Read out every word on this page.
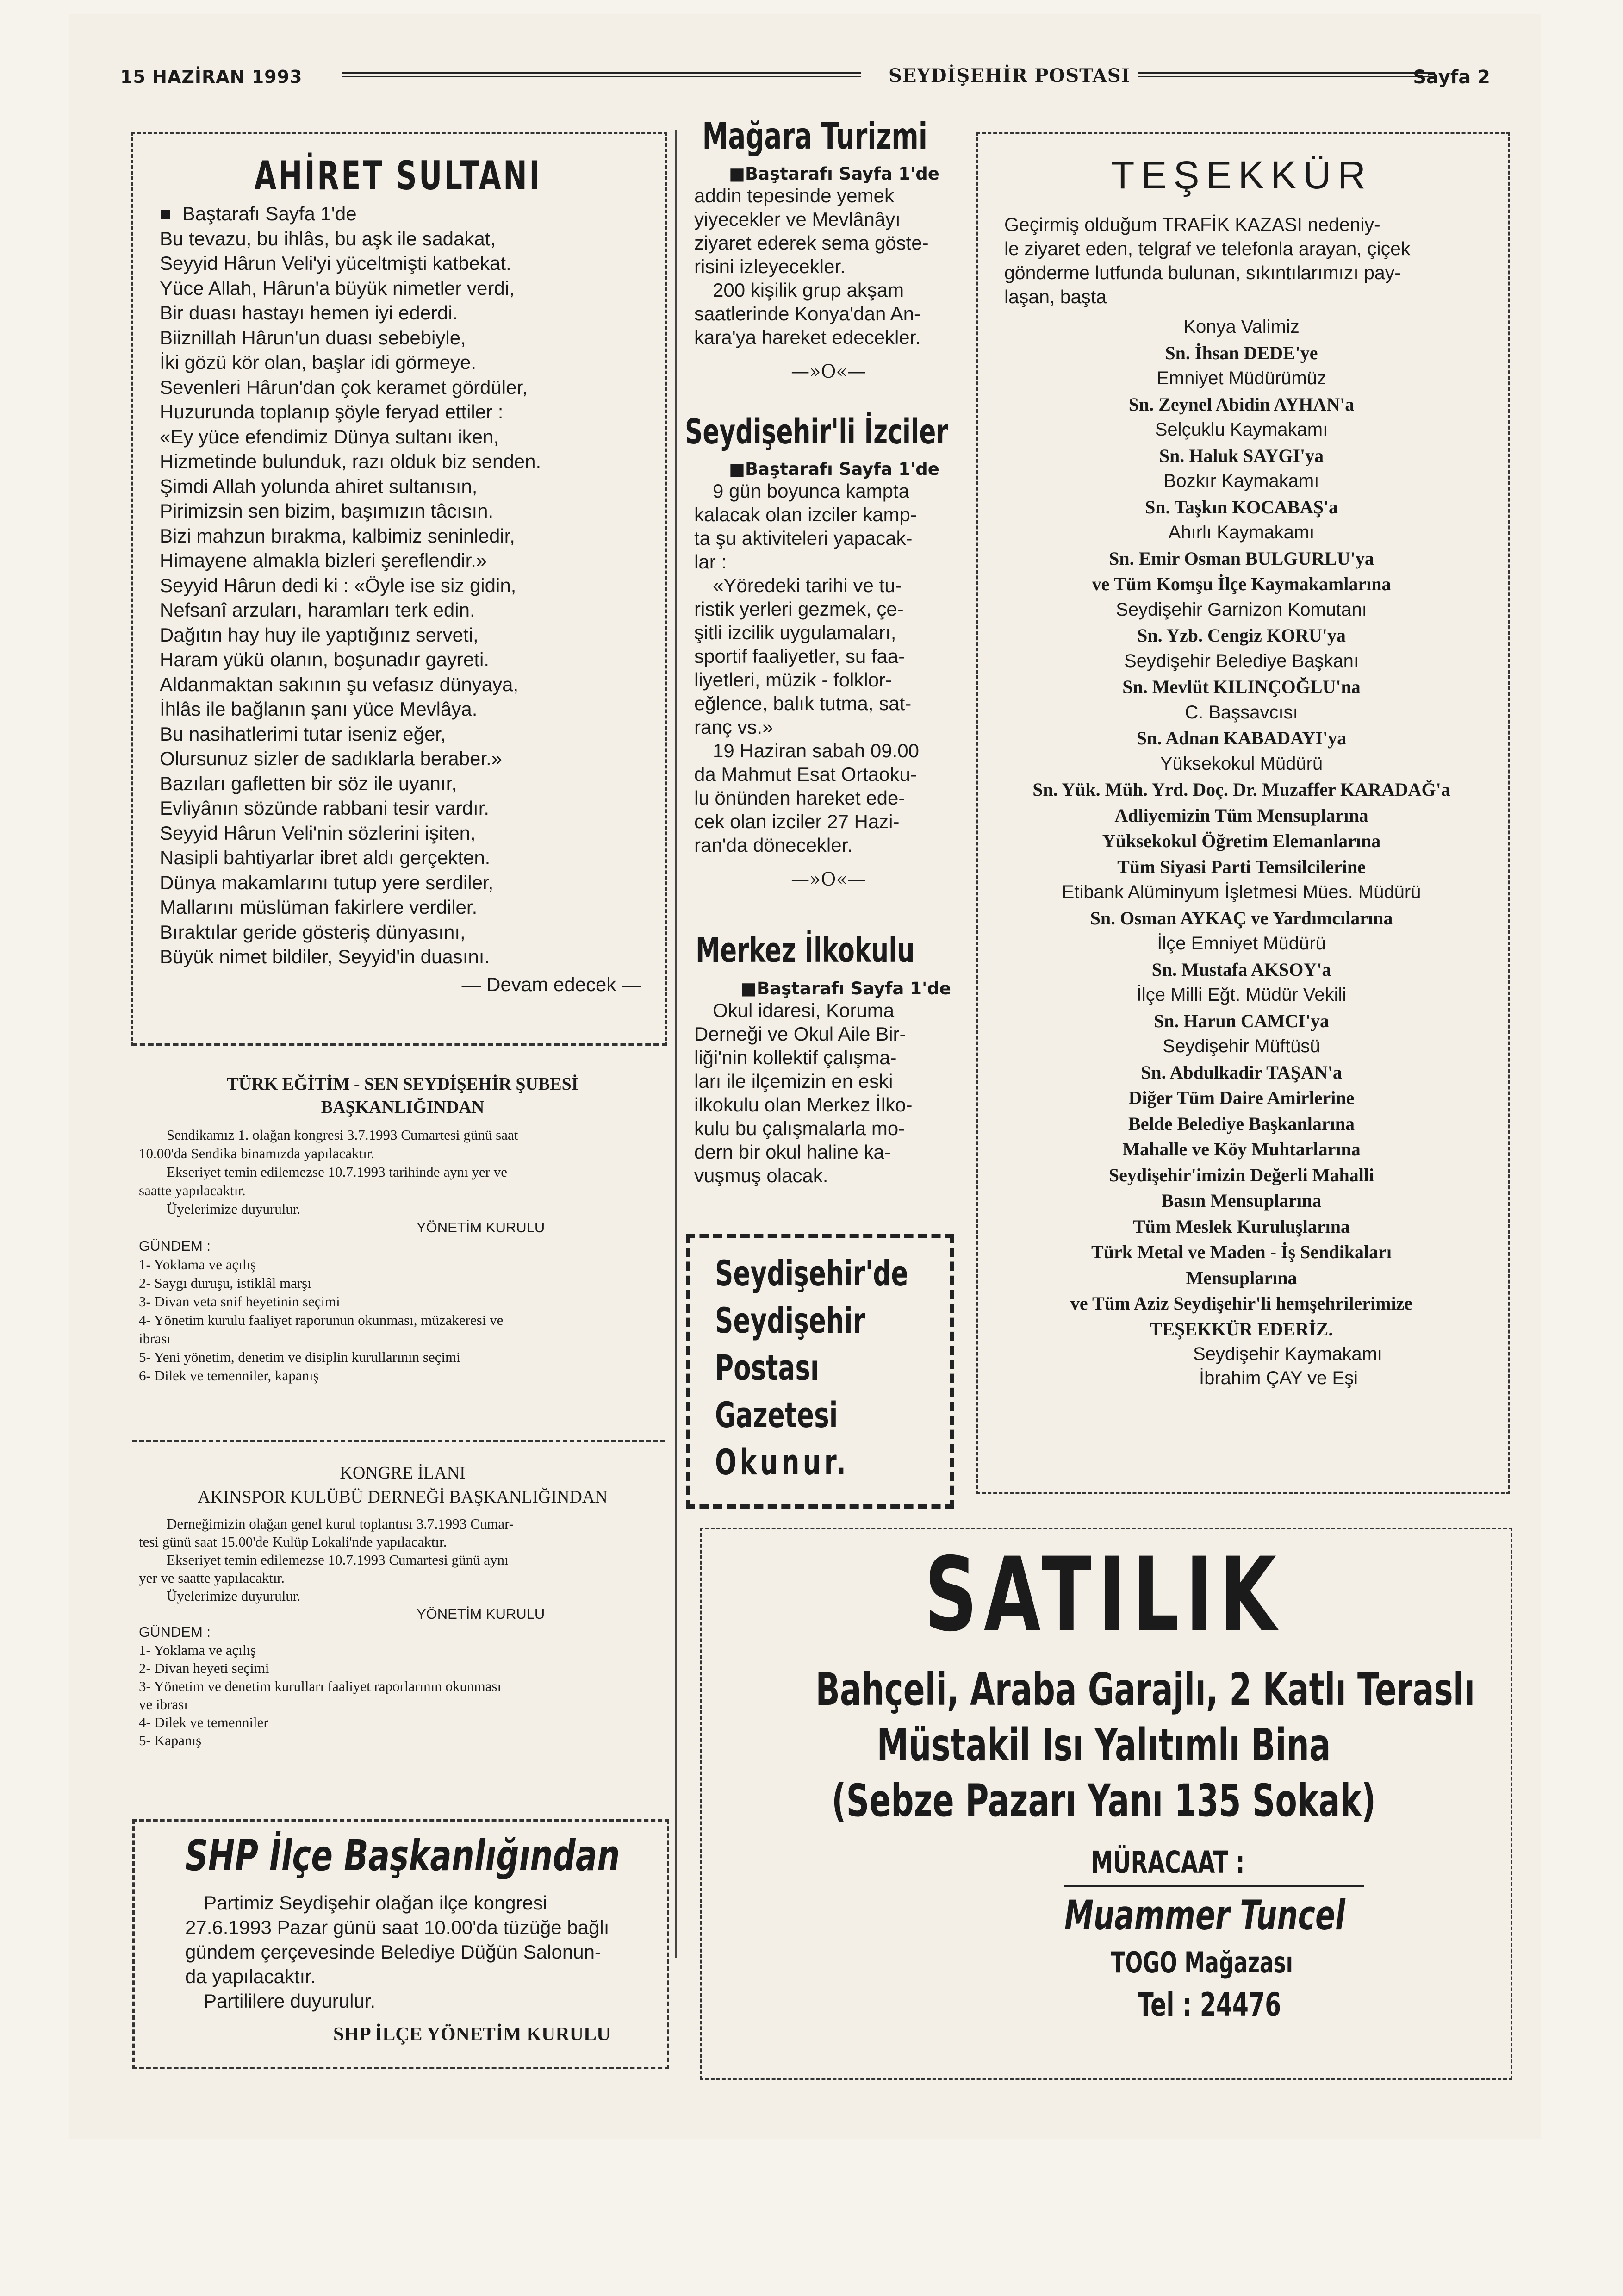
15 HAZİRAN 1993	SEYDİŞEHİR POSTASI	Sayfa 2
AHİRET SULTANI
■  Baştarafı Sayfa 1'de
Bu tevazu, bu ihlâs, bu aşk ile sadakat,
Seyyid Hârun Veli'yi yüceltmişti katbekat.
Yüce Allah, Hârun'a büyük nimetler verdi,
Bir duası hastayı hemen iyi ederdi.
Biiznillah Hârun'un duası sebebiyle,
İki gözü kör olan, başlar idi görmeye.
Sevenleri Hârun'dan çok keramet gördüler,
Huzurunda toplanıp şöyle feryad ettiler :
«Ey yüce efendimiz Dünya sultanı iken,
Hizmetinde bulunduk, razı olduk biz senden.
Şimdi Allah yolunda ahiret sultanısın,
Pirimizsin sen bizim, başımızın tâcısın.
Bizi mahzun bırakma, kalbimiz seninledir,
Himayene almakla bizleri şereflendir.»
Seyyid Hârun dedi ki : «Öyle ise siz gidin,
Nefsanî arzuları, haramları terk edin.
Dağıtın hay huy ile yaptığınız serveti,
Haram yükü olanın, boşunadır gayreti.
Aldanmaktan sakının şu vefasız dünyaya,
İhlâs ile bağlanın şanı yüce Mevlâya.
Bu nasihatlerimi tutar iseniz eğer,
Olursunuz sizler de sadıklarla beraber.»
Bazıları gafletten bir söz ile uyanır,
Evliyânın sözünde rabbani tesir vardır.
Seyyid Hârun Veli'nin sözlerini işiten,
Nasipli bahtiyarlar ibret aldı gerçekten.
Dünya makamlarını tutup yere serdiler,
Mallarını müslüman fakirlere verdiler.
Bıraktılar geride gösteriş dünyasını,
Büyük nimet bildiler, Seyyid'in duasını.
— Devam edecek —
TÜRK EĞİTİM - SEN SEYDİŞEHİR ŞUBESİ
BAŞKANLIĞINDAN
Sendikamız 1. olağan kongresi 3.7.1993 Cumartesi günü saat
10.00'da Sendika binamızda yapılacaktır.
Ekseriyet temin edilemezse 10.7.1993 tarihinde aynı yer ve
saatte yapılacaktır.
Üyelerimize duyurulur.
YÖNETİM KURULU
GÜNDEM :
1- Yoklama ve açılış
2- Saygı duruşu, istiklâl marşı
3- Divan veta snif heyetinin seçimi
4- Yönetim kurulu faaliyet raporunun okunması, müzakeresi ve
ibrası
5- Yeni yönetim, denetim ve disiplin kurullarının seçimi
6- Dilek ve temenniler, kapanış
KONGRE İLANI
AKINSPOR KULÜBÜ DERNEĞİ BAŞKANLIĞINDAN
Derneğimizin olağan genel kurul toplantısı 3.7.1993 Cumar-
tesi günü saat 15.00'de Kulüp Lokali'nde yapılacaktır.
Ekseriyet temin edilemezse 10.7.1993 Cumartesi günü aynı
yer ve saatte yapılacaktır.
Üyelerimize duyurulur.
YÖNETİM KURULU
GÜNDEM :
1- Yoklama ve açılış
2- Divan heyeti seçimi
3- Yönetim ve denetim kurulları faaliyet raporlarının okunması
ve ibrası
4- Dilek ve temenniler
5- Kapanış
SHP İlçe Başkanlığından
Partimiz Seydişehir olağan ilçe kongresi
27.6.1993 Pazar günü saat 10.00'da tüzüğe bağlı
gündem çerçevesinde Belediye Düğün Salonun-
da yapılacaktır.
Partililere duyurulur.
SHP İLÇE YÖNETİM KURULU
Mağara Turizmi
■Baştarafı Sayfa 1'de
addin tepesinde yemek
yiyecekler ve Mevlânâyı
ziyaret ederek sema göste-
risini izleyecekler.
200 kişilik grup akşam
saatlerinde Konya'dan An-
kara'ya hareket edecekler.
—»O«—
Seydişehir'li İzciler
■Baştarafı Sayfa 1'de
9 gün boyunca kampta
kalacak olan izciler kamp-
ta şu aktiviteleri yapacak-
lar :
«Yöredeki tarihi ve tu-
ristik yerleri gezmek, çe-
şitli izcilik uygulamaları,
sportif faaliyetler, su faa-
liyetleri, müzik - folklor-
eğlence, balık tutma, sat-
ranç vs.»
19 Haziran sabah 09.00
da Mahmut Esat Ortaoku-
lu önünden hareket ede-
cek olan izciler 27 Hazi-
ran'da dönecekler.
—»O«—
Merkez İlkokulu
■Baştarafı Sayfa 1'de
Okul idaresi, Koruma
Derneği ve Okul Aile Bir-
liği'nin kollektif çalışma-
ları ile ilçemizin en eski
ilkokulu olan Merkez İlko-
kulu bu çalışmalarla mo-
dern bir okul haline ka-
vuşmuş olacak.
Seydişehir'de
Seydişehir
Postası
Gazetesi
Okunur.
TEŞEKKÜR
Geçirmiş olduğum TRAFİK KAZASI nedeniy-
le ziyaret eden, telgraf ve telefonla arayan, çiçek
gönderme lutfunda bulunan, sıkıntılarımızı pay-
laşan, başta
Konya Valimiz
Sn. İhsan DEDE'ye
Emniyet Müdürümüz
Sn. Zeynel Abidin AYHAN'a
Selçuklu Kaymakamı
Sn. Haluk SAYGI'ya
Bozkır Kaymakamı
Sn. Taşkın KOCABAŞ'a
Ahırlı Kaymakamı
Sn. Emir Osman BULGURLU'ya
ve Tüm Komşu İlçe Kaymakamlarına
Seydişehir Garnizon Komutanı
Sn. Yzb. Cengiz KORU'ya
Seydişehir Belediye Başkanı
Sn. Mevlüt KILINÇOĞLU'na
C. Başsavcısı
Sn. Adnan KABADAYI'ya
Yüksekokul Müdürü
Sn. Yük. Müh. Yrd. Doç. Dr. Muzaffer KARADAĞ'a
Adliyemizin Tüm Mensuplarına
Yüksekokul Öğretim Elemanlarına
Tüm Siyasi Parti Temsilcilerine
Etibank Alüminyum İşletmesi Mües. Müdürü
Sn. Osman AYKAÇ ve Yardımcılarına
İlçe Emniyet Müdürü
Sn. Mustafa AKSOY'a
İlçe Milli Eğt. Müdür Vekili
Sn. Harun CAMCI'ya
Seydişehir Müftüsü
Sn. Abdulkadir TAŞAN'a
Diğer Tüm Daire Amirlerine
Belde Belediye Başkanlarına
Mahalle ve Köy Muhtarlarına
Seydişehir'imizin Değerli Mahalli
Basın Mensuplarına
Tüm Meslek Kuruluşlarına
Türk Metal ve Maden - İş Sendikaları
Mensuplarına
ve Tüm Aziz Seydişehir'li hemşehrilerimize
TEŞEKKÜR EDERİZ.
Seydişehir Kaymakamı
İbrahim ÇAY ve Eşi
SATILIK
Bahçeli, Araba Garajlı, 2 Katlı Teraslı
Müstakil Isı Yalıtımlı Bina
(Sebze Pazarı Yanı 135 Sokak)
MÜRACAAT :
Muammer Tuncel
TOGO Mağazası
Tel : 24476
